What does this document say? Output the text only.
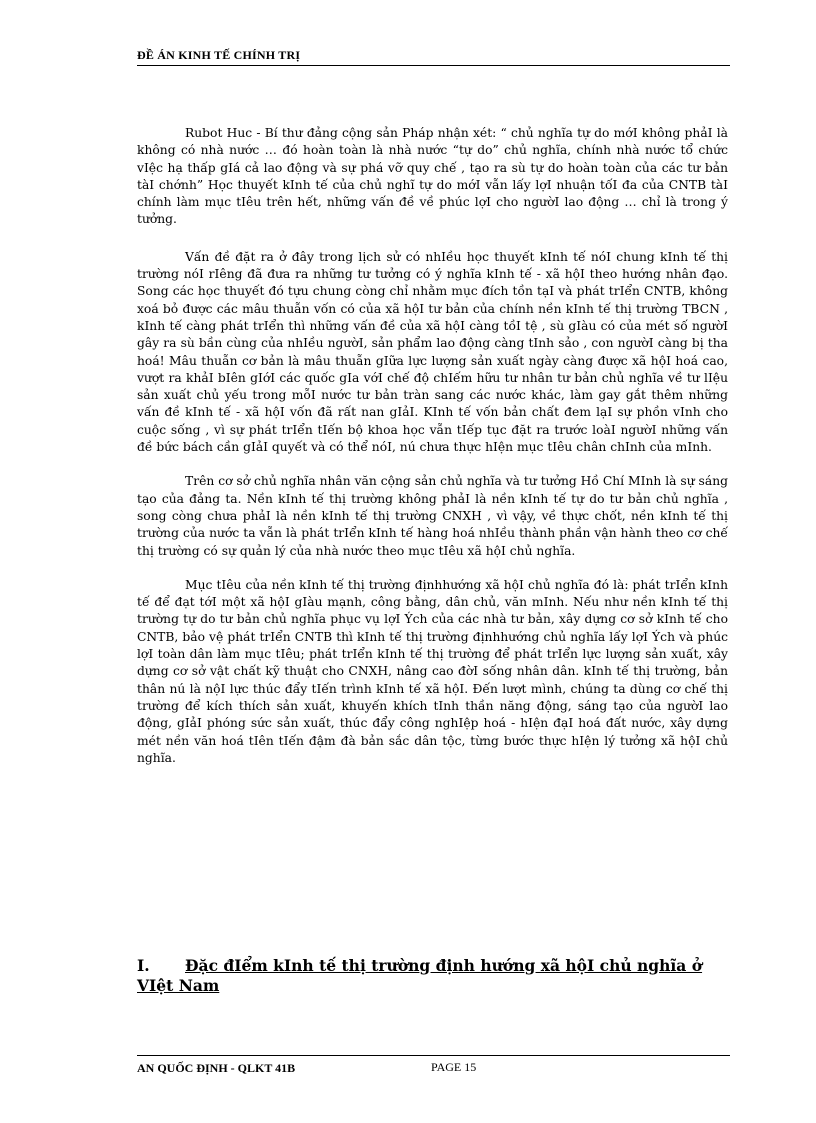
ĐỀ ÁN KINH TẾ CHÍNH TRỊ

Rubot Huc - Bí thư đảng cộng sản Pháp nhận xét: “ chủ nghĩa tự do mớI không phảI là không có nhà nước … đó hoàn toàn là nhà nước “tự do” chủ nghĩa, chính nhà nước tổ chức vIệc hạ thấp gIá cả lao động và sự phá vỡ quy chế , tạo ra sù tự do hoàn toàn của các tư bản tàI chớnh” Học thuyết kInh tế của chủ nghĩ tự do mớI vẫn lấy lợI nhuận tốI đa của CNTB tàI chính làm mục tIêu trên hết, những vấn đề về phúc lợI cho ngườI lao động … chỉ là trong ý tưởng.

Vấn đề đặt ra ở đây trong lịch sử có nhIều học thuyết kInh tế nóI chung kInh tế thị trường nóI rIêng đã đưa ra những tư tưởng có ý nghĩa kInh tế - xã hộI theo hướng nhân đạo. Song các học thuyết đó tựu chung còng chỉ nhằm mục đích tồn tạI và phát trIển CNTB, không xoá bỏ được các mâu thuẫn vốn có của xã hộI tư bản của chính nền kInh tế thị trường TBCN , kInh tế càng phát trIển thì những vấn đề của xã hộI càng tồI tệ , sù gIàu có của mét số ngườI gây ra sù bần cùng của nhIều ngườI, sản phẩm lao động càng tInh sảo , con ngườI càng bị tha hoá! Mâu thuẫn cơ bản là mâu thuẫn gIữa lực lượng sản xuất ngày càng được xã hộI hoá cao, vượt ra khảI bIên gIớI các quốc gIa vớI chế độ chIếm hữu tư nhân tư bản chủ nghĩa về tư lIệu sản xuất chủ yếu trong mỗI nước tư bản tràn sang các nước khác, làm gay gắt thêm những vấn đề kInh tế - xã hộI vốn đã rất nan gIảI. KInh tế vốn bản chất đem lạI sự phồn vInh cho cuộc sống , vì sự phát trIển tIến bộ khoa học vẫn tIếp tục đặt ra trước loàI ngườI những vấn đề bức bách cần gIảI quyết và có thể nóI, nú chưa thực hIện mục tIêu chân chInh của mInh.

Trên cơ sở chủ nghĩa nhân văn cộng sản chủ nghĩa và tư tưởng Hồ Chí MInh là sự sáng tạo của đảng ta. Nền kInh tế thị trường không phảI là nền kInh tế tự do tư bản chủ nghĩa , song còng chưa phảI là nền kInh tế thị trường CNXH , vì vậy, về thực chốt, nền kInh tế thị trường của nước ta vẫn là phát trIển kInh tế hàng hoá nhIều thành phần vận hành theo cơ chế thị trường có sự quản lý của nhà nước theo mục tIêu xã hộI chủ nghĩa.

Mục tIêu của nền kInh tế thị trường địnhhướng xã hộI chủ nghĩa đó là: phát trIển kInh tế để đạt tớI một xã hộI gIàu mạnh, công bằng, dân chủ, văn mInh. Nếu như nền kInh tế thị trường tự do tư bản chủ nghĩa phục vụ lợI Ých của các nhà tư bản, xây dựng cơ sở kInh tế cho CNTB, bảo vệ phát trIển CNTB thì kInh tế thị trường địnhhướng chủ nghĩa lấy lợI Ých và phúc lợI toàn dân làm mục tIêu; phát trIển kInh tế thị trường để phát trIển lực lượng sản xuất, xây dựng cơ sở vật chất kỹ thuật cho CNXH, nâng cao đờI sống nhân dân. kInh tế thị trường, bản thân nú là nộI lực thúc đẩy tIến trình kInh tế xã hộI. Đến lượt mình, chúng ta dùng cơ chế thị trường để kích thích sản xuất, khuyến khích tInh thần năng động, sáng tạo của ngườI lao động, gIảI phóng sức sản xuất, thúc đẩy công nghIệp hoá - hIện đạI hoá đất nước, xây dựng mét nền văn hoá tIên tIến đậm đà bản sắc dân tộc, từng bước thực hIện lý tưởng xã hộI chủ nghĩa.

I. Đặc đIểm kInh tế thị trường định hướng xã hộI chủ nghĩa ở VIệt Nam
AN QUỐC ĐỊNH - QLKT 41B	PAGE 15
